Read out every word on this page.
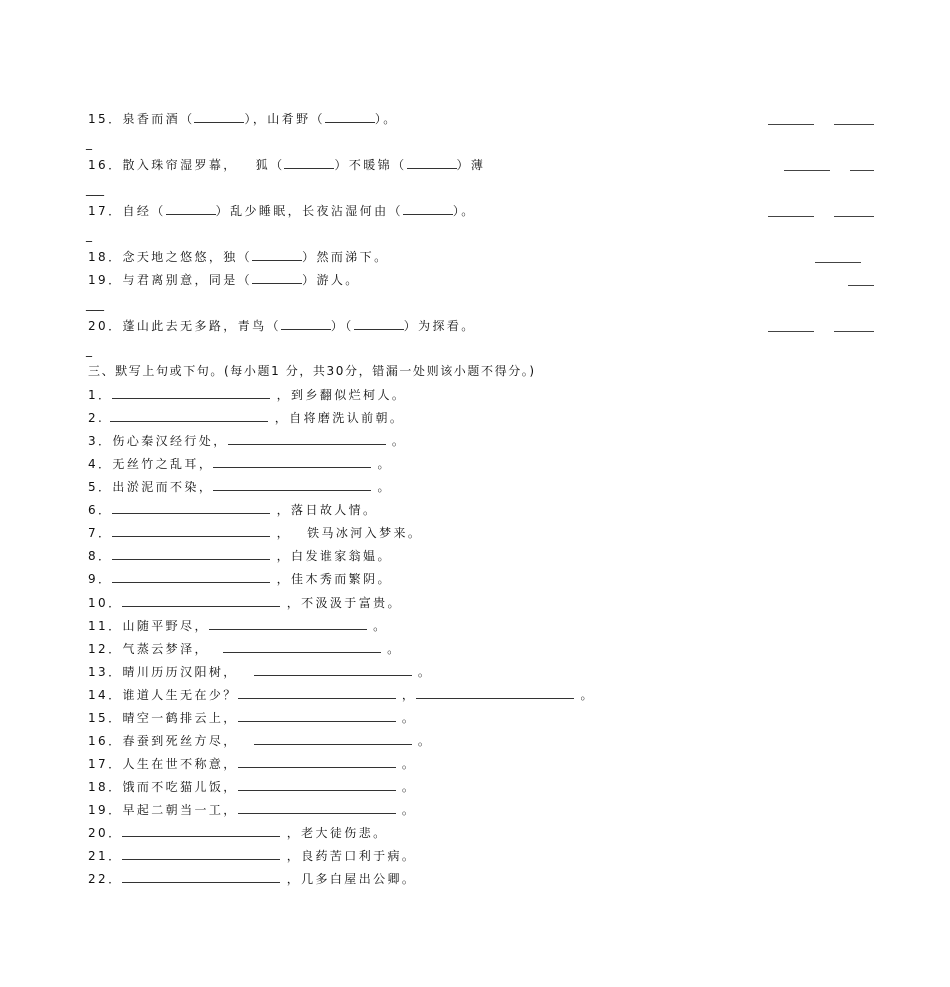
15．泉香而酒（	），山肴野（	）。
_
16．散入珠帘湿罗幕， 狐（	）不暖锦（	）薄
___
17．自经（	）乱少睡眠，长夜沾湿何由（	）。
_
18．念天地之悠悠，独（	）然而涕下。
19．与君离别意，同是（	）游人。
___
20．蓬山此去无多路，青鸟（	）（	）为探看。
_
三、默写上句或下句。(每小题1 分，共30分，错漏一处则该小题不得分。)
1．	，到乡翻似烂柯人。
2.	，自将磨洗认前朝。
3．伤心秦汉经行处，	。
4．无丝竹之乱耳，	。
5．出淤泥而不染，	。
6．	，落日故人情。
7．	， 铁马冰河入梦来。
8．	，白发谁家翁媪。
9．	，佳木秀而繁阴。
10．	，不汲汲于富贵。
11．山随平野尽，	。
12．气蒸云梦泽，	。
13．晴川历历汉阳树，	。
14．谁道人生无在少？	，	。
15．晴空一鹤排云上，	。
16．春蚕到死丝方尽，	。
17．人生在世不称意，	。
18．饿而不吃猫儿饭，	。
19．早起二朝当一工，	。
20．	，老大徒伤悲。
21．	，良药苦口利于病。
22．	，几多白屋出公卿。
